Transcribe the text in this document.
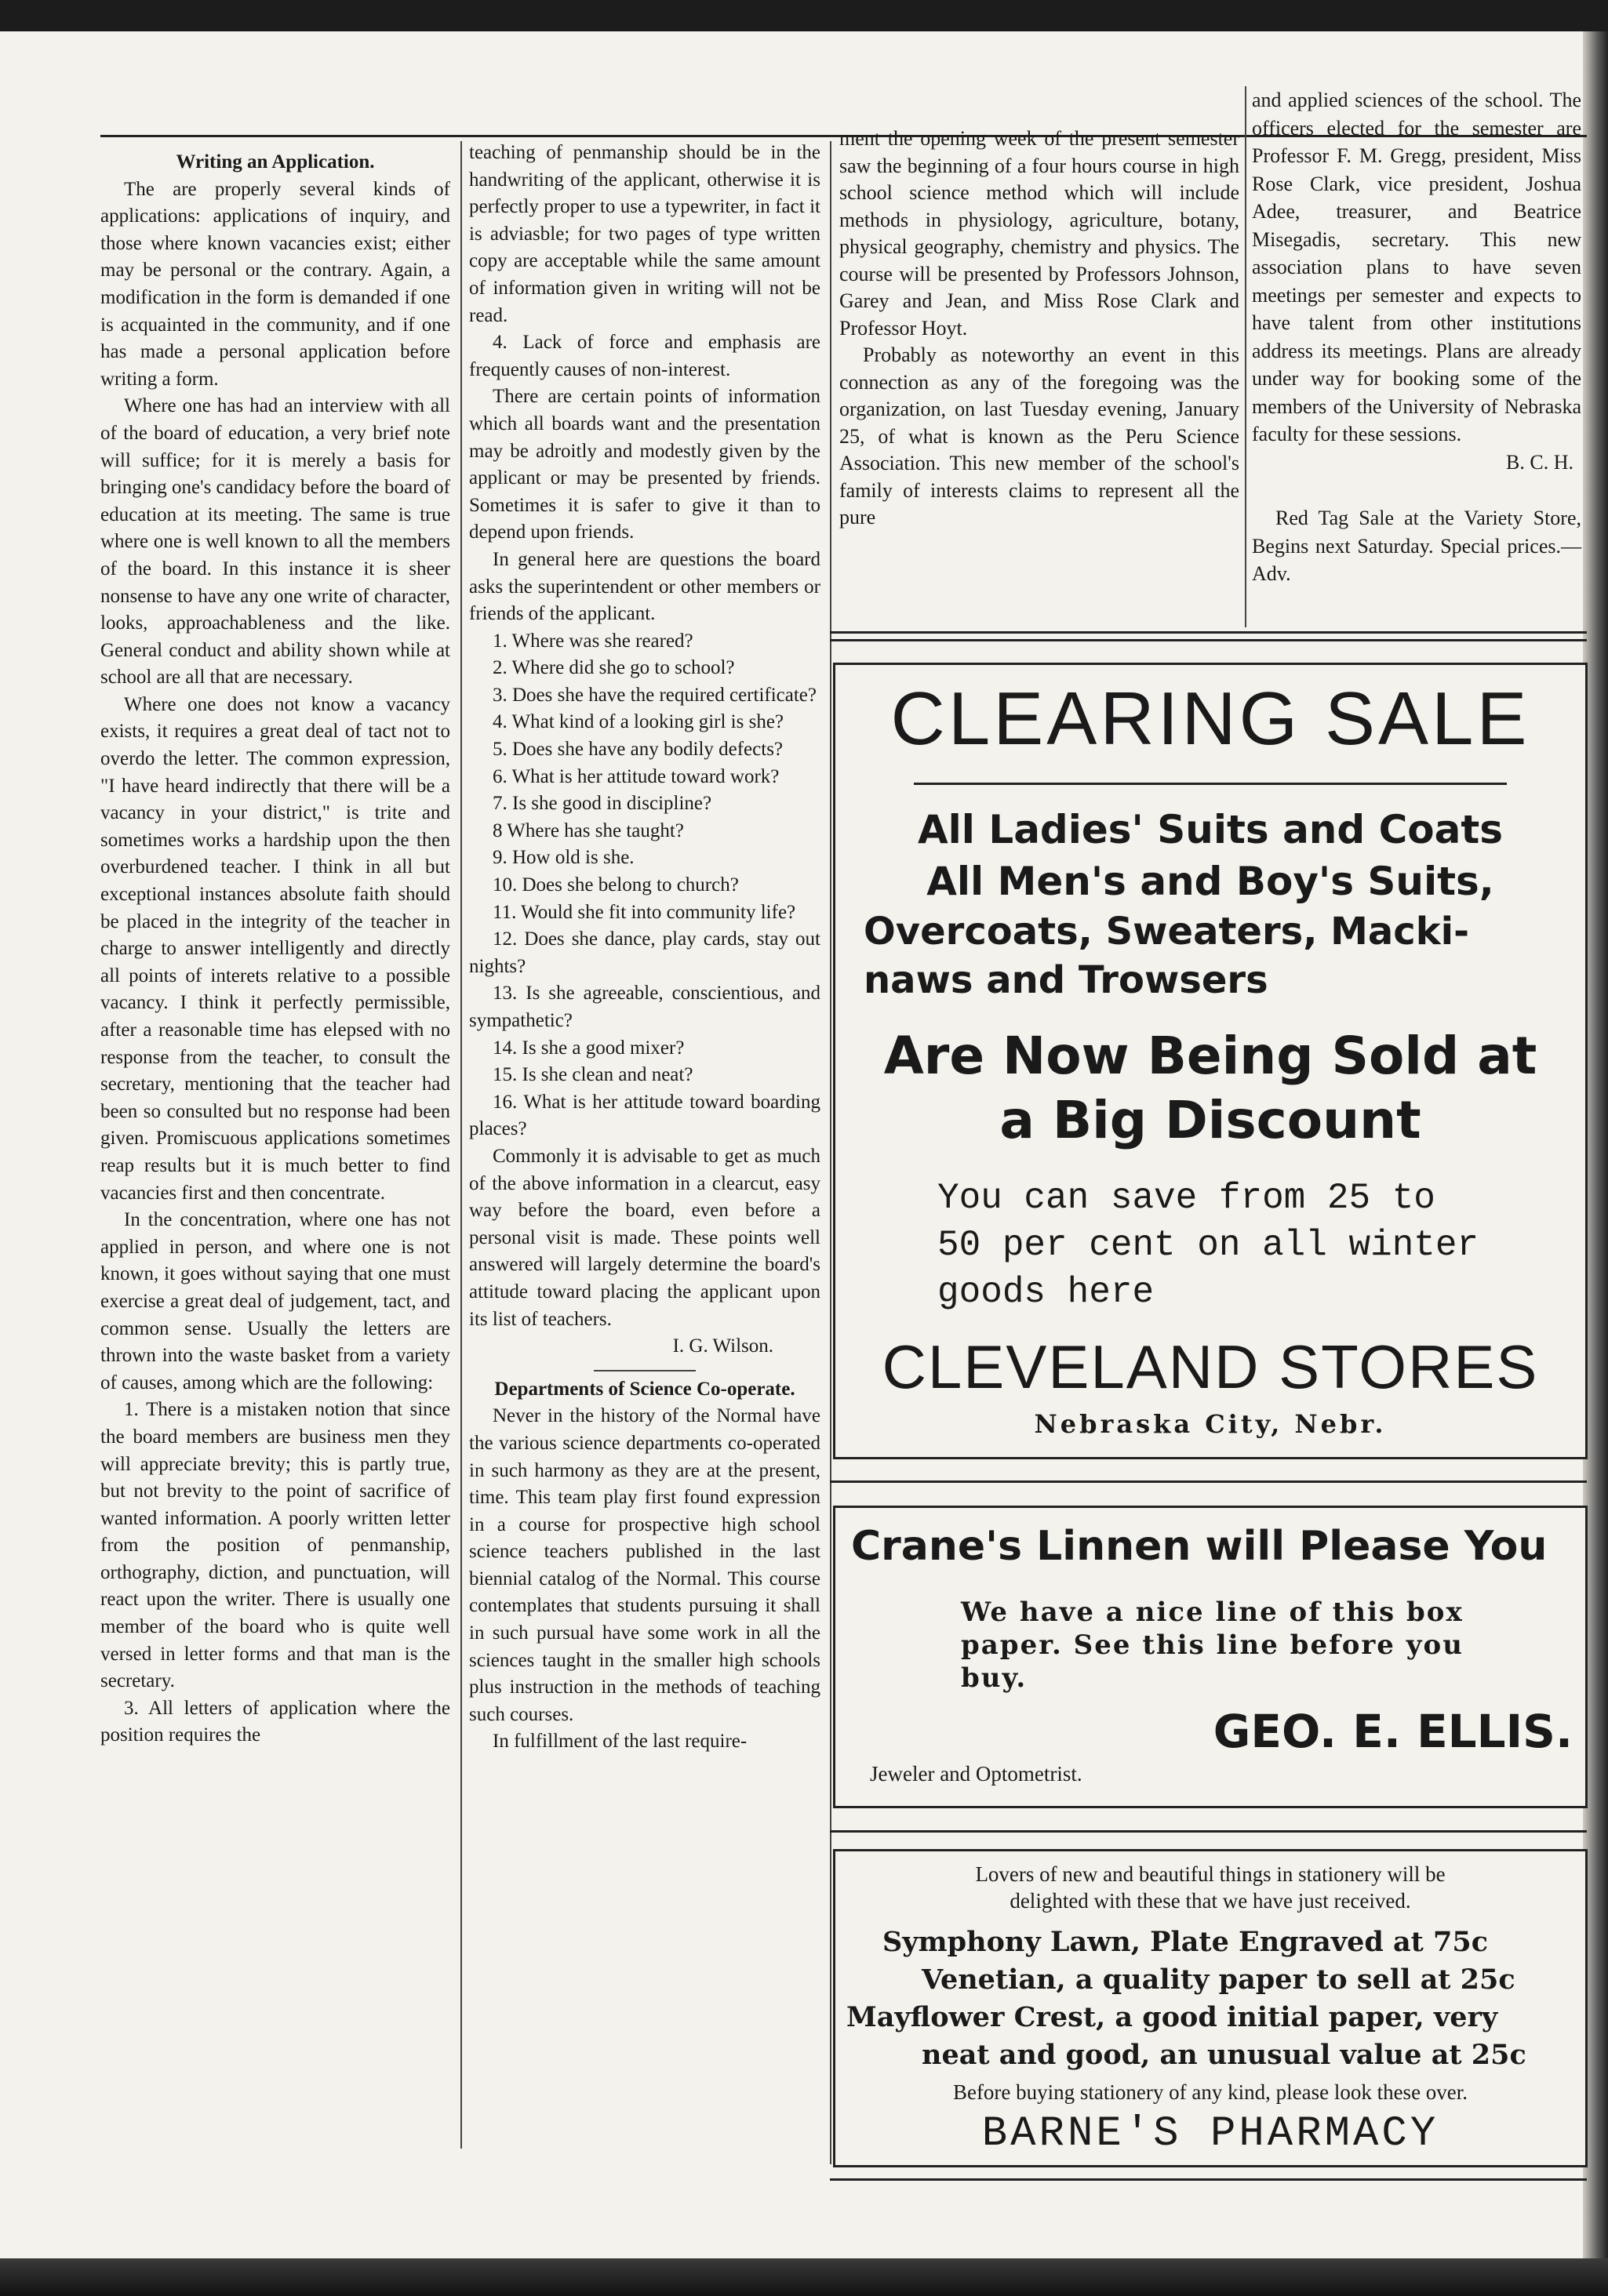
Writing an Application.

The are properly several kinds of applications: applications of inquiry, and those where known vacancies exist; either may be personal or the contrary. Again, a modification in the form is demanded if one is acquainted in the community, and if one has made a personal application before writing a form.

Where one has had an interview with all of the board of education, a very brief note will suffice; for it is merely a basis for bringing one's candidacy before the board of education at its meeting. The same is true where one is well known to all the members of the board. In this instance it is sheer nonsense to have any one write of character, looks, approachableness and the like. General conduct and ability shown while at school are all that are necessary.

Where one does not know a vacancy exists, it requires a great deal of tact not to overdo the letter. The common expression, "I have heard indirectly that there will be a vacancy in your district," is trite and sometimes works a hardship upon the then overburdened teacher. I think in all but exceptional instances absolute faith should be placed in the integrity of the teacher in charge to answer intelligently and directly all points of interets relative to a possible vacancy. I think it perfectly permissible, after a reasonable time has elepsed with no response from the teacher, to consult the secretary, mentioning that the teacher had been so consulted but no response had been given. Promiscuous applications sometimes reap results but it is much better to find vacancies first and then concentrate.

In the concentration, where one has not applied in person, and where one is not known, it goes without saying that one must exercise a great deal of judgement, tact, and common sense. Usually the letters are thrown into the waste basket from a variety of causes, among which are the following:

1. There is a mistaken notion that since the board members are business men they will appreciate brevity; this is partly true, but not brevity to the point of sacrifice of wanted information. A poorly written letter from the position of penmanship, orthography, diction, and punctuation, will react upon the writer. There is usually one member of the board who is quite well versed in letter forms and that man is the secretary.

3. All letters of application where the position requires the

teaching of penmanship should be in the handwriting of the applicant, otherwise it is perfectly proper to use a typewriter, in fact it is adviasble; for two pages of type written copy are acceptable while the same amount of information given in writing will not be read.

4. Lack of force and emphasis are frequently causes of non-interest.

There are certain points of information which all boards want and the presentation may be adroitly and modestly given by the applicant or may be presented by friends. Sometimes it is safer to give it than to depend upon friends.

In general here are questions the board asks the superintendent or other members or friends of the applicant.

1. Where was she reared?

2. Where did she go to school?

3. Does she have the required certificate?

4. What kind of a looking girl is she?

5. Does she have any bodily defects?

6. What is her attitude toward work?

7. Is she good in discipline?

8 Where has she taught?

9. How old is she.

10. Does she belong to church?

11. Would she fit into community life?

12. Does she dance, play cards, stay out nights?

13. Is she agreeable, conscientious, and sympathetic?

14. Is she a good mixer?

15. Is she clean and neat?

16. What is her attitude toward boarding places?

Commonly it is advisable to get as much of the above information in a clearcut, easy way before the board, even before a personal visit is made. These points well answered will largely determine the board's attitude toward placing the applicant upon its list of teachers.

I. G. Wilson.

Departments of Science Co-operate.

Never in the history of the Normal have the various science departments co-operated in such harmony as they are at the present, time. This team play first found expression in a course for prospective high school science teachers published in the last biennial catalog of the Normal. This course contemplates that students pursuing it shall in such pursual have some work in all the sciences taught in the smaller high schools plus instruction in the methods of teaching such courses.

In fulfillment of the last require-

ment the opening week of the present semester saw the beginning of a four hours course in high school science method which will include methods in physiology, agriculture, botany, physical geography, chemistry and physics. The course will be presented by Professors Johnson, Garey and Jean, and Miss Rose Clark and Professor Hoyt.

Probably as noteworthy an event in this connection as any of the foregoing was the organization, on last Tuesday evening, January 25, of what is known as the Peru Science Association. This new member of the school's family of interests claims to represent all the pure

and applied sciences of the school. The officers elected for the semester are Professor F. M. Gregg, president, Miss Rose Clark, vice president, Joshua Adee, treasurer, and Beatrice Misegadis, secretary. This new association plans to have seven meetings per semester and expects to have talent from other institutions address its meetings. Plans are already under way for booking some of the members of the University of Nebraska faculty for these sessions.

B. C. H.

Red Tag Sale at the Variety Store, Begins next Saturday. Special prices.—Adv.

CLEARING SALE
All Ladies' Suits and Coats
All Men's and Boy's Suits,
Overcoats, Sweaters, Macki-
naws and Trowsers
Are Now Being Sold at
a Big Discount
You can save from 25 to
50 per cent on all winter
goods here
CLEVELAND STORES
Nebraska City, Nebr.
Crane's Linnen will Please You
We have a nice line of this box
paper. See this line before you
buy.
GEO. E. ELLIS.
Jeweler and Optometrist.
Lovers of new and beautiful things in stationery will be
delighted with these that we have just received.
Symphony Lawn, Plate Engraved at 75c
Venetian, a quality paper to sell at 25c
Mayflower Crest, a good initial paper, very
neat and good, an unusual value at 25c
Before buying stationery of any kind, please look these over.
BARNE'S PHARMACY
